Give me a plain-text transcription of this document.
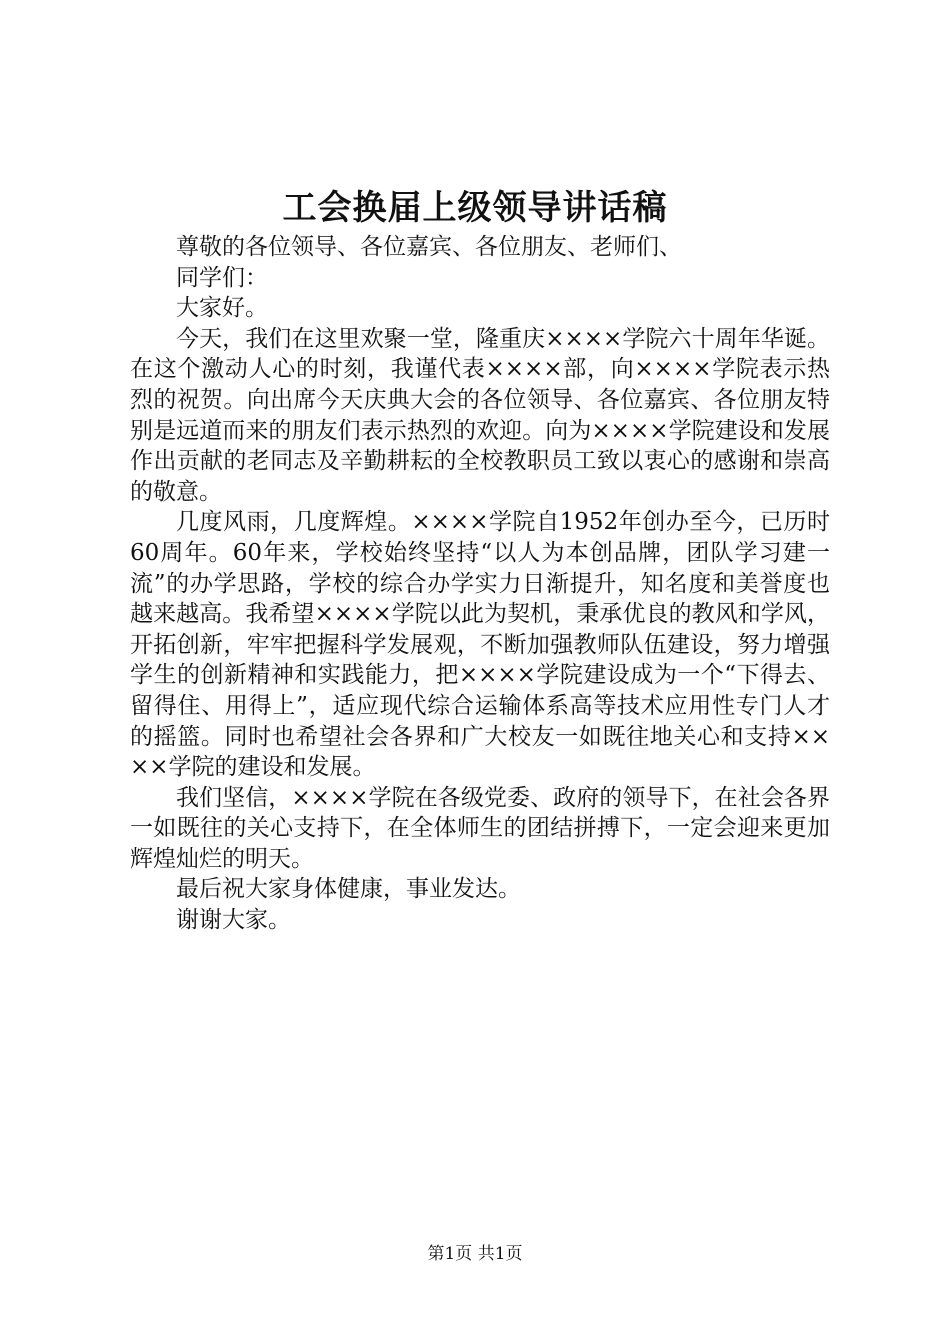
工会换届上级领导讲话稿

尊敬的各位领导、各位嘉宾、各位朋友、老师们、

同学们：

大家好。

今天，我们在这里欢聚一堂，隆重庆××××学院六十周年华诞。在这个激动人心的时刻，我谨代表××××部，向××××学院表示热烈的祝贺。向出席今天庆典大会的各位领导、各位嘉宾、各位朋友特别是远道而来的朋友们表示热烈的欢迎。向为××××学院建设和发展作出贡献的老同志及辛勤耕耘的全校教职员工致以衷心的感谢和崇高的敬意。

几度风雨，几度辉煌。××××学院自1952年创办至今，已历时60周年。60年来，学校始终坚持“以人为本创品牌，团队学习建一流”的办学思路，学校的综合办学实力日渐提升，知名度和美誉度也越来越高。我希望××××学院以此为契机，秉承优良的教风和学风，开拓创新，牢牢把握科学发展观，不断加强教师队伍建设，努力增强学生的创新精神和实践能力，把××××学院建设成为一个“下得去、留得住、用得上”，适应现代综合运输体系高等技术应用性专门人才的摇篮。同时也希望社会各界和广大校友一如既往地关心和支持××××学院的建设和发展。

我们坚信，××××学院在各级党委、政府的领导下，在社会各界一如既往的关心支持下，在全体师生的团结拼搏下，一定会迎来更加辉煌灿烂的明天。

最后祝大家身体健康，事业发达。

谢谢大家。

第1页 共1页
